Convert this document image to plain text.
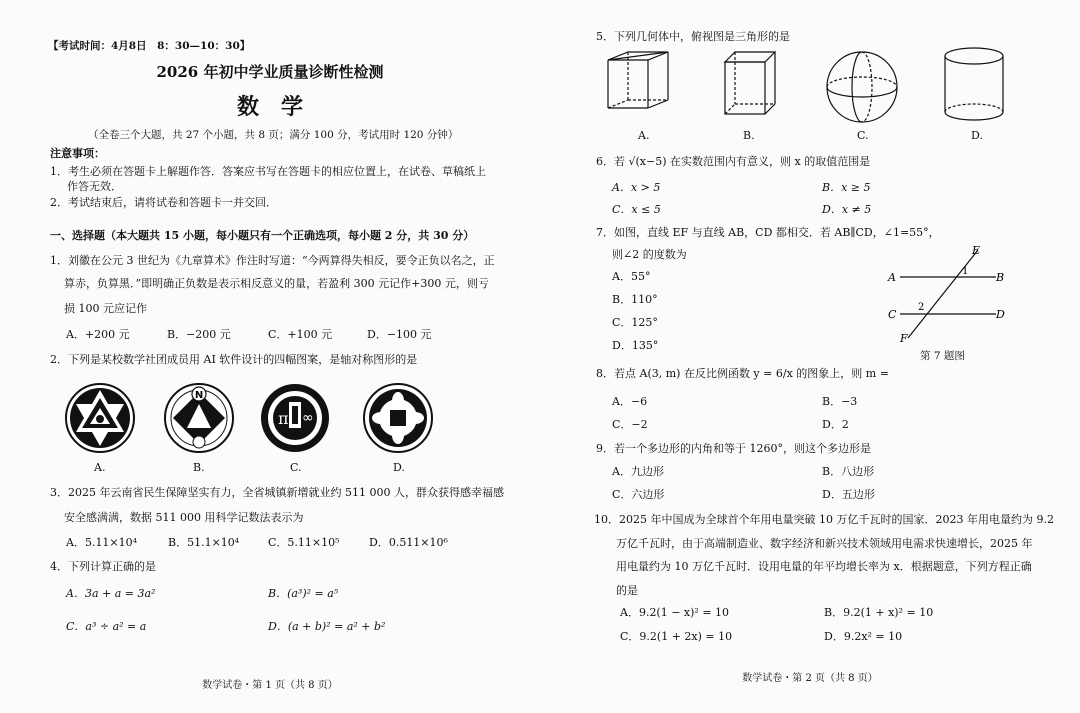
【考试时间：4月8日　8：30—10：30】
2026 年初中学业质量诊断性检测
数　学
（全卷三个大题，共 27 个小题，共 8 页；满分 100 分，考试用时 120 分钟）
注意事项：
1．考生必须在答题卡上解题作答．答案应书写在答题卡的相应位置上，在试卷、草稿纸上
作答无效．
2．考试结束后，请将试卷和答题卡一并交回．
一、选择题（本大题共 15 小题，每小题只有一个正确选项，每小题 2 分，共 30 分）
1．刘徽在公元 3 世纪为《九章算术》作注时写道：“今两算得失相反，要令正负以名之，正
算赤，负算黑．”即明确正负数是表示相反意义的量，若盈利 300 元记作+300 元，则亏
损 100 元应记作
A．+200 元	B．−200 元	C．+100 元	D．−100 元
2．下列是某校数学社团成员用 AI 软件设计的四幅图案，是轴对称图形的是
N
π ∞
A.	B.	C.	D.
3．2025 年云南省民生保障坚实有力，全省城镇新增就业约 511 000 人，群众获得感幸福感
安全感满满，数据 511 000 用科学记数法表示为
A．5.11×10⁴	B．51.1×10⁴	C．5.11×10⁵	D．0.511×10⁶
4．下列计算正确的是
A．3a + a = 3a²	B．(a³)² = a⁵
C．a³ ÷ a² = a	D．(a + b)² = a² + b²
数学试卷・第 1 页（共 8 页）
5．下列几何体中，俯视图是三角形的是
A.	B.	C.	D.
6．若 √(x−5) 在实数范围内有意义，则 x 的取值范围是
A．x > 5	B．x ≥ 5
C．x ≤ 5	D．x ≠ 5
7．如图，直线 EF 与直线 AB，CD 都相交．若 AB∥CD，∠1=55°，
则∠2 的度数为
A．55°
B．110°
C．125°
D．135°
E
A	1	B
2
C	D
F
第 7 题图
8．若点 A(3, m) 在反比例函数 y = 6/x 的图象上，则 m =
A．−6	B．−3
C．−2	D．2
9．若一个多边形的内角和等于 1260°，则这个多边形是
A．九边形	B．八边形
C．六边形	D．五边形
10．2025 年中国成为全球首个年用电量突破 10 万亿千瓦时的国家．2023 年用电量约为 9.2
万亿千瓦时，由于高端制造业、数字经济和新兴技术领域用电需求快速增长，2025 年
用电量约为 10 万亿千瓦时．设用电量的年平均增长率为 x．根据题意，下列方程正确
的是
A．9.2(1 − x)² = 10	B．9.2(1 + x)² = 10
C．9.2(1 + 2x) = 10	D．9.2x² = 10
数学试卷・第 2 页（共 8 页）
